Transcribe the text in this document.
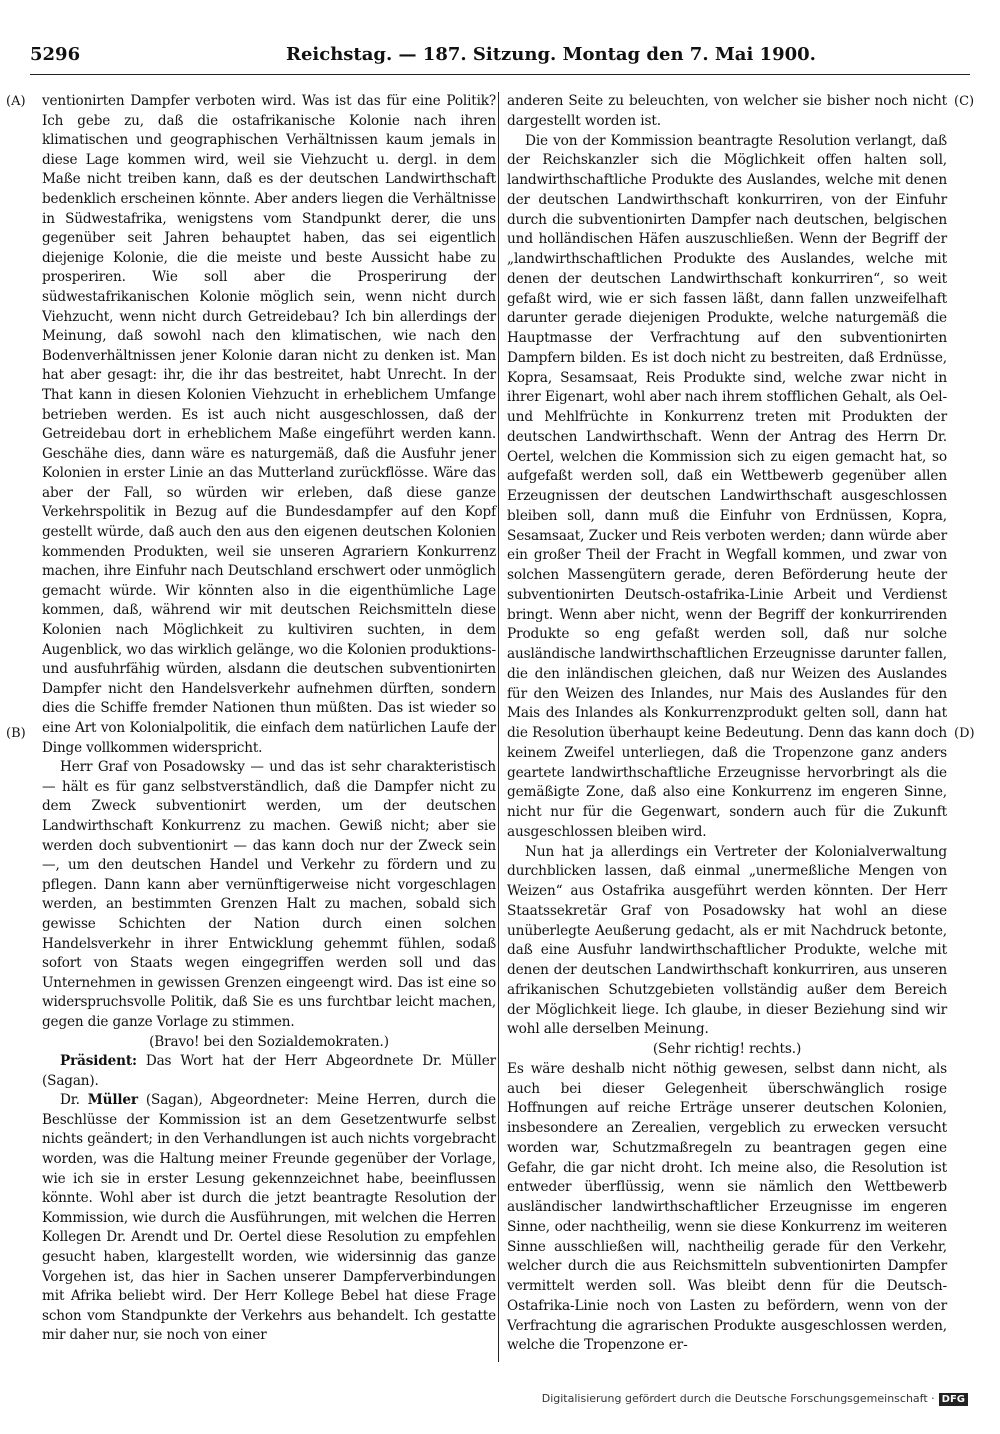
5296	Reichstag. — 187. Sitzung. Montag den 7. Mai 1900.
(A)
(B)
(C)
(D)

ventionirten Dampfer verboten wird. Was ist das für eine Politik? Ich gebe zu, daß die ostafrikanische Kolonie nach ihren klimatischen und geographischen Verhältnissen kaum jemals in diese Lage kommen wird, weil sie Viehzucht u. dergl. in dem Maße nicht treiben kann, daß es der deutschen Landwirthschaft bedenklich erscheinen könnte. Aber anders liegen die Verhältnisse in Südwestafrika, wenigstens vom Standpunkt derer, die uns gegenüber seit Jahren behauptet haben, das sei eigentlich diejenige Kolonie, die die meiste und beste Aussicht habe zu prosperiren. Wie soll aber die Prosperirung der südwestafrikanischen Kolonie möglich sein, wenn nicht durch Viehzucht, wenn nicht durch Getreidebau? Ich bin allerdings der Meinung, daß sowohl nach den klimatischen, wie nach den Bodenverhältnissen jener Kolonie daran nicht zu denken ist. Man hat aber gesagt: ihr, die ihr das bestreitet, habt Unrecht. In der That kann in diesen Kolonien Viehzucht in erheblichem Umfange betrieben werden. Es ist auch nicht ausgeschlossen, daß der Getreidebau dort in erheblichem Maße eingeführt werden kann. Geschähe dies, dann wäre es naturgemäß, daß die Ausfuhr jener Kolonien in erster Linie an das Mutterland zurückflösse. Wäre das aber der Fall, so würden wir erleben, daß diese ganze Verkehrspolitik in Bezug auf die Bundesdampfer auf den Kopf gestellt würde, daß auch den aus den eigenen deutschen Kolonien kommenden Produkten, weil sie unseren Agrariern Konkurrenz machen, ihre Einfuhr nach Deutschland erschwert oder unmöglich gemacht würde. Wir könnten also in die eigenthümliche Lage kommen, daß, während wir mit deutschen Reichsmitteln diese Kolonien nach Möglichkeit zu kultiviren suchten, in dem Augenblick, wo das wirklich gelänge, wo die Kolonien produktions- und ausfuhrfähig würden, alsdann die deutschen subventionirten Dampfer nicht den Handelsverkehr aufnehmen dürften, sondern dies die Schiffe fremder Nationen thun müßten. Das ist wieder so eine Art von Kolonialpolitik, die einfach dem natürlichen Laufe der Dinge vollkommen widerspricht.

Herr Graf von Posadowsky — und das ist sehr charakteristisch — hält es für ganz selbstverständlich, daß die Dampfer nicht zu dem Zweck subventionirt werden, um der deutschen Landwirthschaft Konkurrenz zu machen. Gewiß nicht; aber sie werden doch subventionirt — das kann doch nur der Zweck sein —, um den deutschen Handel und Verkehr zu fördern und zu pflegen. Dann kann aber vernünftigerweise nicht vorgeschlagen werden, an bestimmten Grenzen Halt zu machen, sobald sich gewisse Schichten der Nation durch einen solchen Handelsverkehr in ihrer Entwicklung gehemmt fühlen, sodaß sofort von Staats wegen eingegriffen werden soll und das Unternehmen in gewissen Grenzen eingeengt wird. Das ist eine so widerspruchsvolle Politik, daß Sie es uns furchtbar leicht machen, gegen die ganze Vorlage zu stimmen.

(Bravo! bei den Sozialdemokraten.)

Präsident: Das Wort hat der Herr Abgeordnete Dr. Müller (Sagan).

Dr. Müller (Sagan), Abgeordneter: Meine Herren, durch die Beschlüsse der Kommission ist an dem Gesetzentwurfe selbst nichts geändert; in den Verhandlungen ist auch nichts vorgebracht worden, was die Haltung meiner Freunde gegenüber der Vorlage, wie ich sie in erster Lesung gekennzeichnet habe, beeinflussen könnte. Wohl aber ist durch die jetzt beantragte Resolution der Kommission, wie durch die Ausführungen, mit welchen die Herren Kollegen Dr. Arendt und Dr. Oertel diese Resolution zu empfehlen gesucht haben, klargestellt worden, wie widersinnig das ganze Vorgehen ist, das hier in Sachen unserer Dampferverbindungen mit Afrika beliebt wird. Der Herr Kollege Bebel hat diese Frage schon vom Standpunkte der Verkehrs aus behandelt. Ich gestatte mir daher nur, sie noch von einer

anderen Seite zu beleuchten, von welcher sie bisher noch nicht dargestellt worden ist.

Die von der Kommission beantragte Resolution verlangt, daß der Reichskanzler sich die Möglichkeit offen halten soll, landwirthschaftliche Produkte des Auslandes, welche mit denen der deutschen Landwirthschaft konkurriren, von der Einfuhr durch die subventionirten Dampfer nach deutschen, belgischen und holländischen Häfen auszuschließen. Wenn der Begriff der „landwirthschaftlichen Produkte des Auslandes, welche mit denen der deutschen Landwirthschaft konkurriren“, so weit gefaßt wird, wie er sich fassen läßt, dann fallen unzweifelhaft darunter gerade diejenigen Produkte, welche naturgemäß die Hauptmasse der Verfrachtung auf den subventionirten Dampfern bilden. Es ist doch nicht zu bestreiten, daß Erdnüsse, Kopra, Sesamsaat, Reis Produkte sind, welche zwar nicht in ihrer Eigenart, wohl aber nach ihrem stofflichen Gehalt, als Oel- und Mehlfrüchte in Konkurrenz treten mit Produkten der deutschen Landwirthschaft. Wenn der Antrag des Herrn Dr. Oertel, welchen die Kommission sich zu eigen gemacht hat, so aufgefaßt werden soll, daß ein Wettbewerb gegenüber allen Erzeugnissen der deutschen Landwirthschaft ausgeschlossen bleiben soll, dann muß die Einfuhr von Erdnüssen, Kopra, Sesamsaat, Zucker und Reis verboten werden; dann würde aber ein großer Theil der Fracht in Wegfall kommen, und zwar von solchen Massengütern gerade, deren Beförderung heute der subventionirten Deutsch-ostafrika-Linie Arbeit und Verdienst bringt. Wenn aber nicht, wenn der Begriff der konkurrirenden Produkte so eng gefaßt werden soll, daß nur solche ausländische landwirthschaftlichen Erzeugnisse darunter fallen, die den inländischen gleichen, daß nur Weizen des Auslandes für den Weizen des Inlandes, nur Mais des Auslandes für den Mais des Inlandes als Konkurrenzprodukt gelten soll, dann hat die Resolution überhaupt keine Bedeutung. Denn das kann doch keinem Zweifel unterliegen, daß die Tropenzone ganz anders geartete landwirthschaftliche Erzeugnisse hervorbringt als die gemäßigte Zone, daß also eine Konkurrenz im engeren Sinne, nicht nur für die Gegenwart, sondern auch für die Zukunft ausgeschlossen bleiben wird.

Nun hat ja allerdings ein Vertreter der Kolonialverwaltung durchblicken lassen, daß einmal „unermeßliche Mengen von Weizen“ aus Ostafrika ausgeführt werden könnten. Der Herr Staatssekretär Graf von Posadowsky hat wohl an diese unüberlegte Aeußerung gedacht, als er mit Nachdruck betonte, daß eine Ausfuhr landwirthschaftlicher Produkte, welche mit denen der deutschen Landwirthschaft konkurriren, aus unseren afrikanischen Schutzgebieten vollständig außer dem Bereich der Möglichkeit liege. Ich glaube, in dieser Beziehung sind wir wohl alle derselben Meinung.

(Sehr richtig! rechts.)

Es wäre deshalb nicht nöthig gewesen, selbst dann nicht, als auch bei dieser Gelegenheit überschwänglich rosige Hoffnungen auf reiche Erträge unserer deutschen Kolonien, insbesondere an Zerealien, vergeblich zu erwecken versucht worden war, Schutzmaßregeln zu beantragen gegen eine Gefahr, die gar nicht droht. Ich meine also, die Resolution ist entweder überflüssig, wenn sie nämlich den Wettbewerb ausländischer landwirthschaftlicher Erzeugnisse im engeren Sinne, oder nachtheilig, wenn sie diese Konkurrenz im weiteren Sinne ausschließen will, nachtheilig gerade für den Verkehr, welcher durch die aus Reichsmitteln subventionirten Dampfer vermittelt werden soll. Was bleibt denn für die Deutsch-Ostafrika-Linie noch von Lasten zu befördern, wenn von der Verfrachtung die agrarischen Produkte ausgeschlossen werden, welche die Tropenzone er-

Digitalisierung gefördert durch die Deutsche Forschungsgemeinschaft · DFG
